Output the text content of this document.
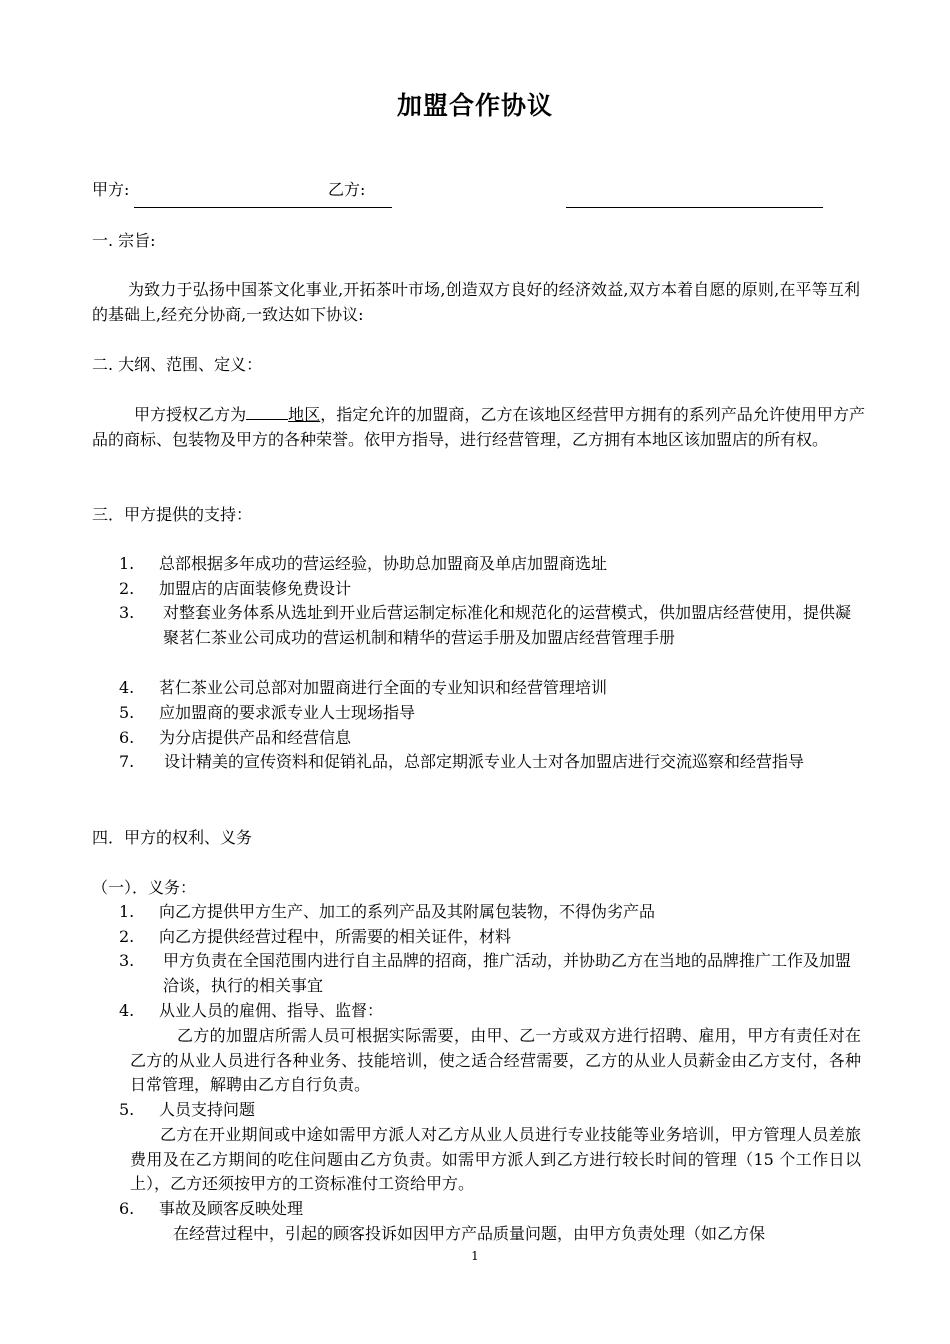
加盟合作协议
甲方:	乙方:
一. 宗旨:
为致力于弘扬中国茶文化事业,开拓茶叶市场,创造双方良好的经济效益,双方本着自愿的原则,在平等互利的基础上,经充分协商,一致达如下协议:
二. 大纲、范围、定义：
甲方授权乙方为	地区，指定允许的加盟商，乙方在该地区经营甲方拥有的系列产品允许使用甲方产品的商标、包装物及甲方的各种荣誉。依甲方指导，进行经营管理，乙方拥有本地区该加盟店的所有权。
三．甲方提供的支持：
1.	总部根据多年成功的营运经验，协助总加盟商及单店加盟商选址
2.	加盟店的店面装修免费设计
3.	对整套业务体系从选址到开业后营运制定标准化和规范化的运营模式，供加盟店经营使用，提供凝聚茗仁茶业公司成功的营运机制和精华的营运手册及加盟店经营管理手册
4.	茗仁茶业公司总部对加盟商进行全面的专业知识和经营管理培训
5.	应加盟商的要求派专业人士现场指导
6.	为分店提供产品和经营信息
7.	设计精美的宣传资料和促销礼品，总部定期派专业人士对各加盟店进行交流巡察和经营指导
四．甲方的权利、义务
（一）．义务：
1.	向乙方提供甲方生产、加工的系列产品及其附属包装物，不得伪劣产品
2.	向乙方提供经营过程中，所需要的相关证件，材料
3.	甲方负责在全国范围内进行自主品牌的招商，推广活动，并协助乙方在当地的品牌推广工作及加盟洽谈，执行的相关事宜
4.	从业人员的雇佣、指导、监督：
乙方的加盟店所需人员可根据实际需要，由甲、乙一方或双方进行招聘、雇用，甲方有责任对在乙方的从业人员进行各种业务、技能培训，使之适合经营需要，乙方的从业人员薪金由乙方支付，各种日常管理，解聘由乙方自行负责。
5.	人员支持问题
乙方在开业期间或中途如需甲方派人对乙方从业人员进行专业技能等业务培训，甲方管理人员差旅费用及在乙方期间的吃住问题由乙方负责。如需甲方派人到乙方进行较长时间的管理（15 个工作日以上），乙方还须按甲方的工资标准付工资给甲方。
6.	事故及顾客反映处理
在经营过程中，引起的顾客投诉如因甲方产品质量问题，由甲方负责处理（如乙方保
1
